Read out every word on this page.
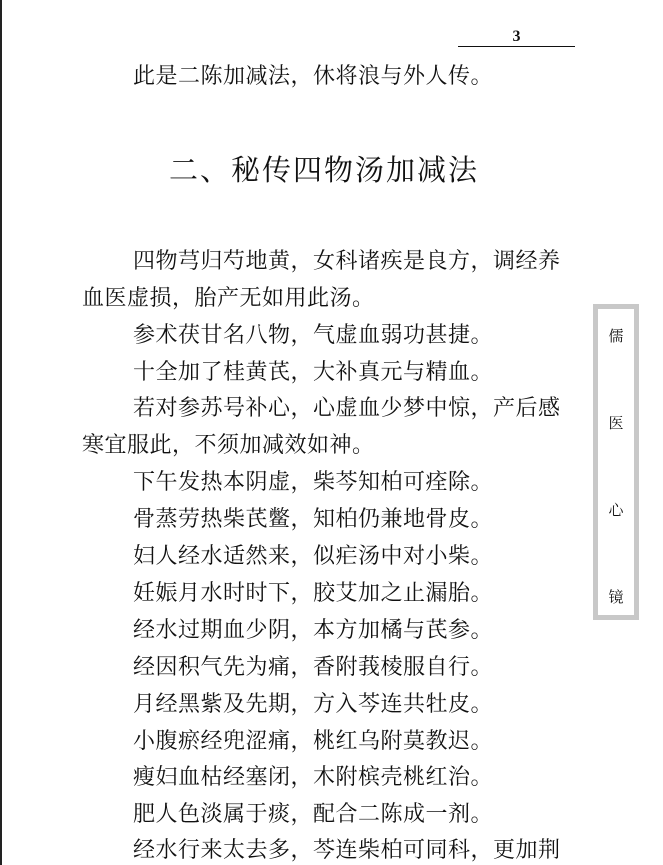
3
此是二陈加减法，休将浪与外人传。
二、秘传四物汤加减法
四物芎归芍地黄，女科诸疾是良方，调经养
血医虚损，胎产无如用此汤。
参术茯甘名八物，气虚血弱功甚捷。
十全加了桂黄芪，大补真元与精血。
若对参苏号补心，心虚血少梦中惊，产后感
寒宜服此，不须加减效如神。
下午发热本阴虚，柴芩知柏可痊除。
骨蒸劳热柴芪鳖，知柏仍兼地骨皮。
妇人经水适然来，似疟汤中对小柴。
妊娠月水时时下，胶艾加之止漏胎。
经水过期血少阴，本方加橘与芪参。
经因积气先为痛，香附莪棱服自行。
月经黑紫及先期，方入芩连共牡皮。
小腹瘀经兜涩痛，桃红乌附莫教迟。
瘦妇血枯经塞闭，木附槟壳桃红治。
肥人色淡属于痰，配合二陈成一剂。
经水行来太去多，芩连柴柏可同科，更加荆
儒
医
心
镜
